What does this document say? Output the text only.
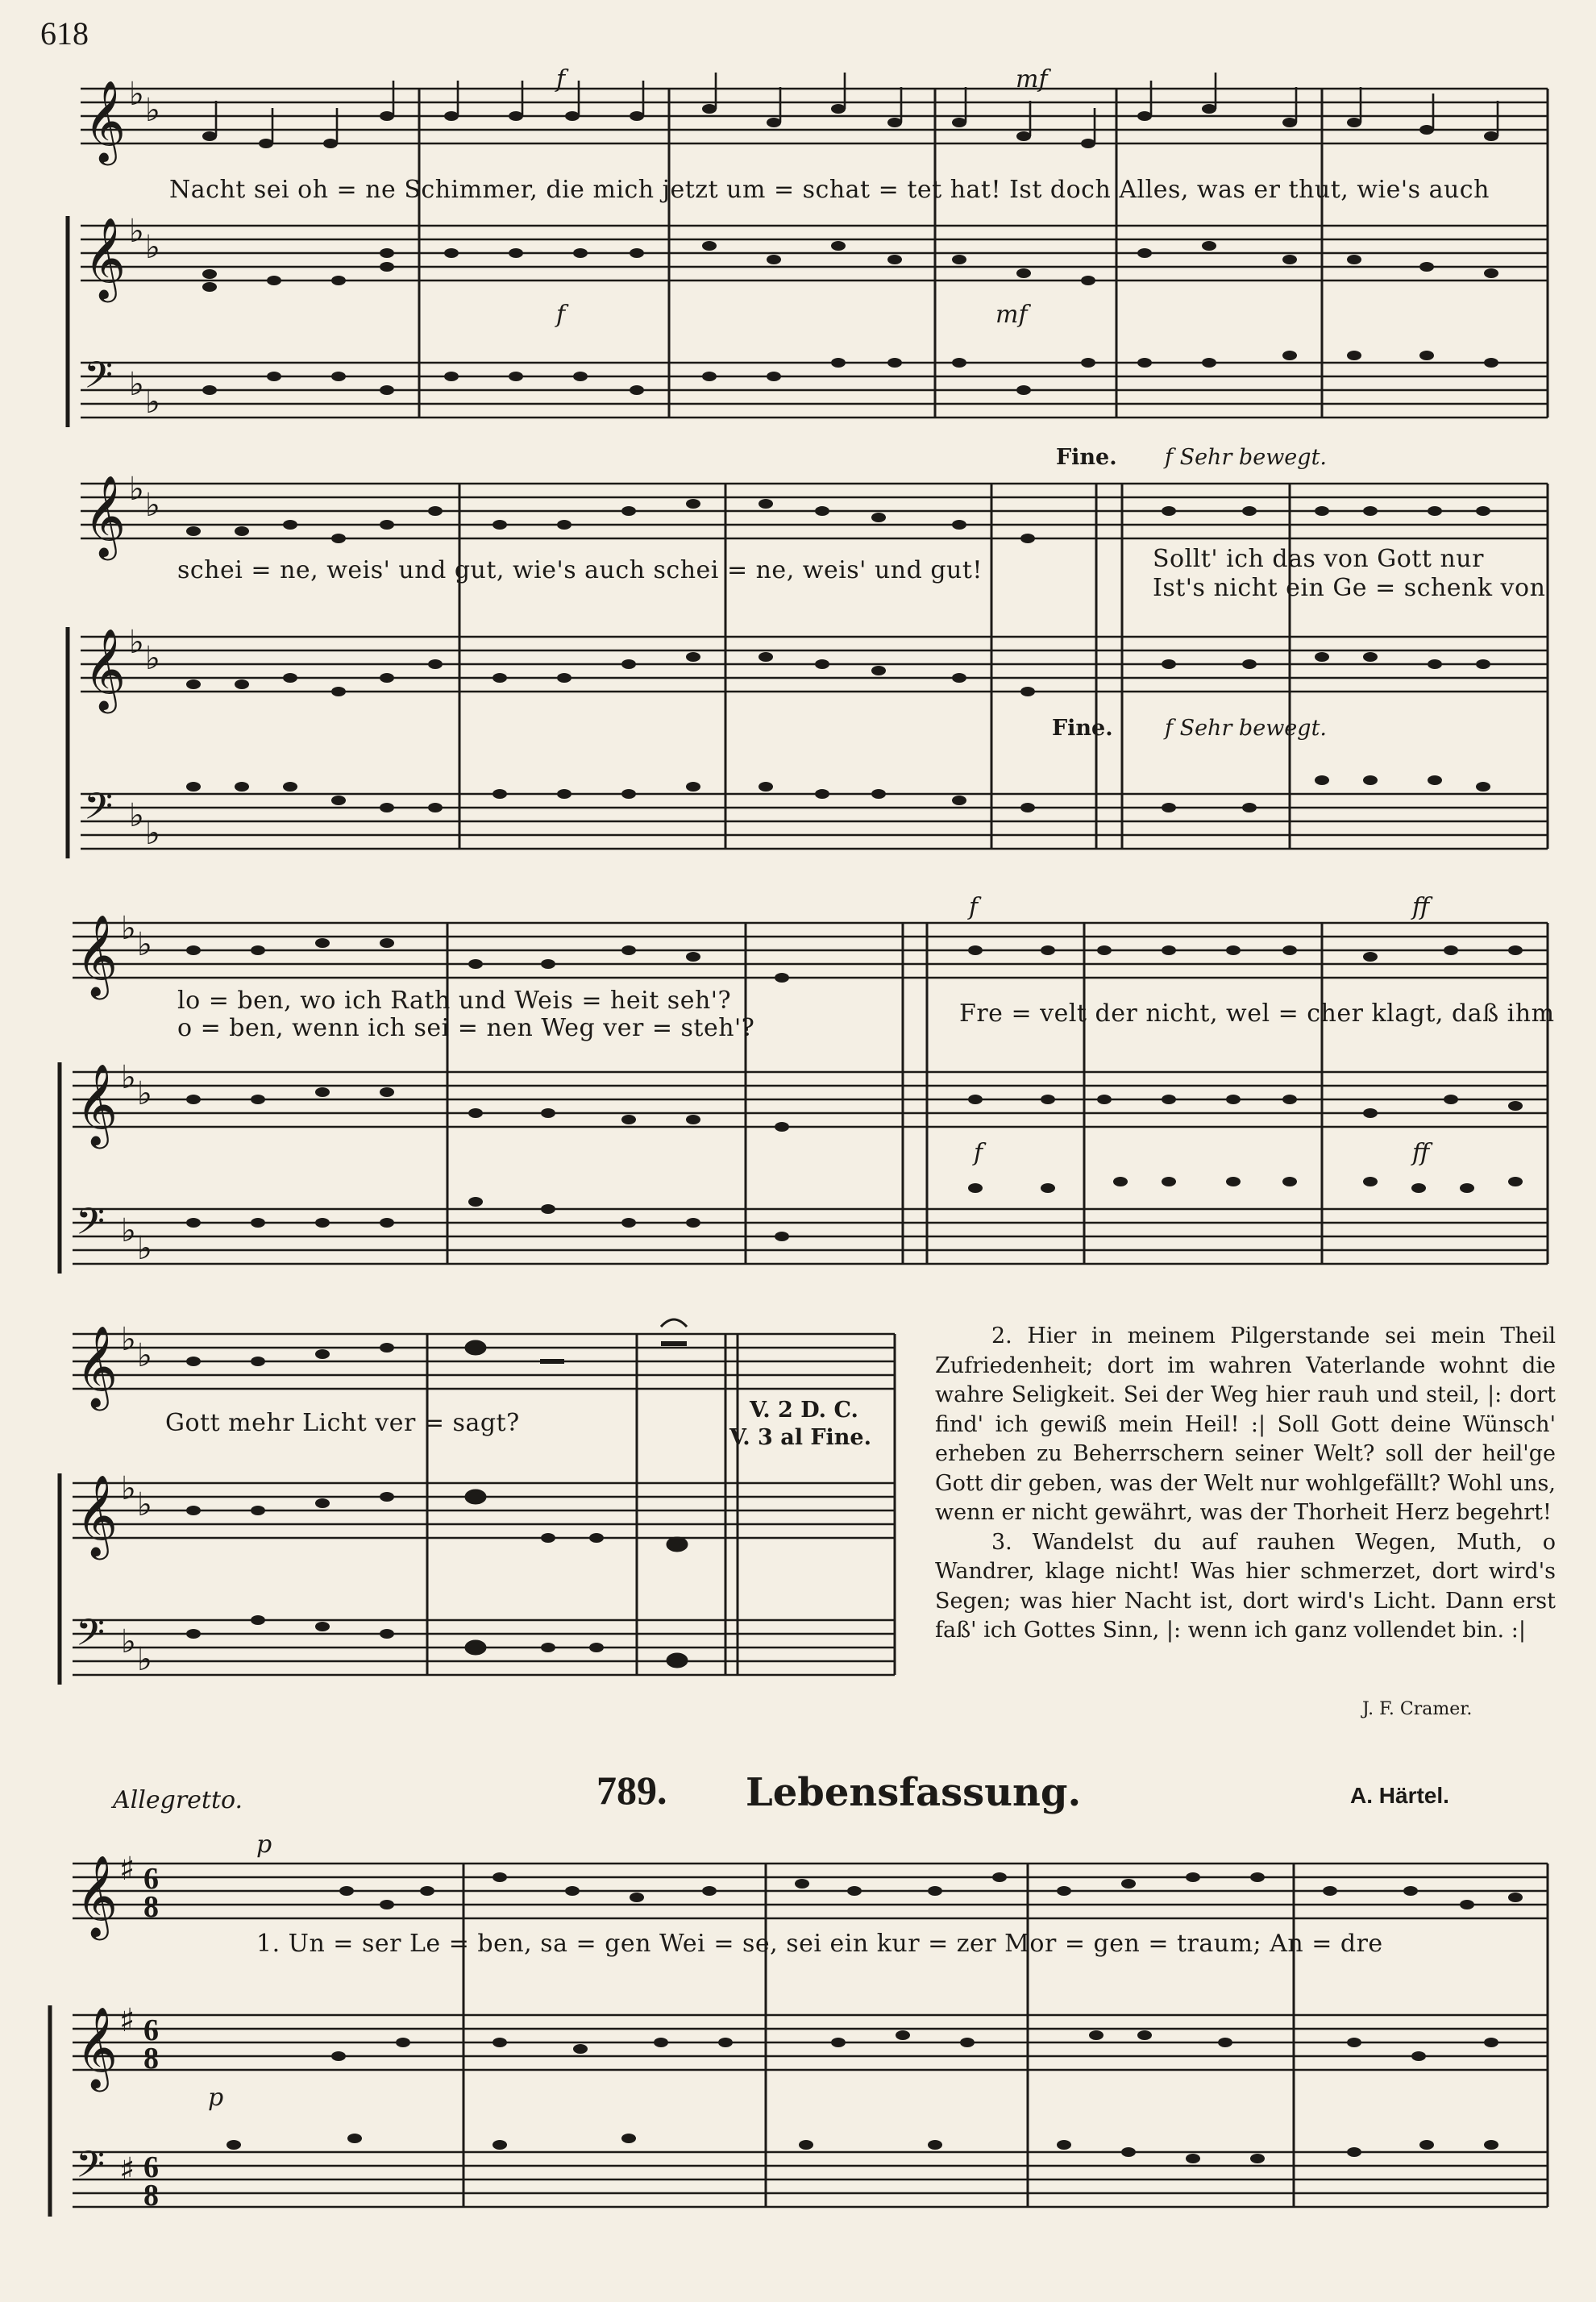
618
𝄞
𝄞
𝄢
♭ ♭
♭ ♭
♭ ♭
f	mf
f	mf
Nacht sei oh = ne Schimmer, die mich jetzt um = schat = tet hat! Ist doch Alles, was er thut, wie's auch
𝄞
𝄞
𝄢
♭ ♭
♭ ♭
♭ ♭
Fine. f Sehr bewegt.
schei = ne, weis' und gut, wie's auch schei = ne, weis' und gut!	Sollt' ich das von Gott nur
Ist's nicht ein Ge = schenk von
Fine. f Sehr bewegt.
𝄞
𝄞
𝄢
♭ ♭
♭ ♭
♭ ♭
f	ff
f	ff
lo = ben, wo ich Rath und Weis = heit seh'?
o = ben, wenn ich sei = nen Weg ver = steh'?
Fre = velt der nicht, wel = cher klagt, daß ihm
𝄞
𝄞
𝄢
♭ ♭
♭ ♭
♭ ♭
Gott mehr Licht ver = sagt?	V. 2 D. C.
V. 3 al Fine.

2. Hier in meinem Pilgerstande sei mein Theil Zufriedenheit; dort im wahren Vaterlande wohnt die wahre Seligkeit. Sei der Weg hier rauh und steil, |: dort find' ich gewiß mein Heil! :| Soll Gott deine Wünsch' erheben zu Beherrschern seiner Welt? soll der heil'ge Gott dir geben, was der Welt nur wohlgefällt? Wohl uns, wenn er nicht gewährt, was der Thorheit Herz begehrt!

3. Wandelst du auf rauhen Wegen, Muth, o Wandrer, klage nicht! Was hier schmerzet, dort wird's Segen; was hier Nacht ist, dort wird's Licht. Dann erst faß' ich Gottes Sinn, |: wenn ich ganz vollendet bin. :|

J. F. Cramer.
Allegretto.	789. Lebensfassung.	A. Härtel.
𝄞
𝄞
𝄢
♯
♯
♯
6
8
6
8
6
8
p
p
1. Un = ser Le = ben, sa = gen Wei = se, sei ein kur = zer Mor = gen = traum; An = dre
